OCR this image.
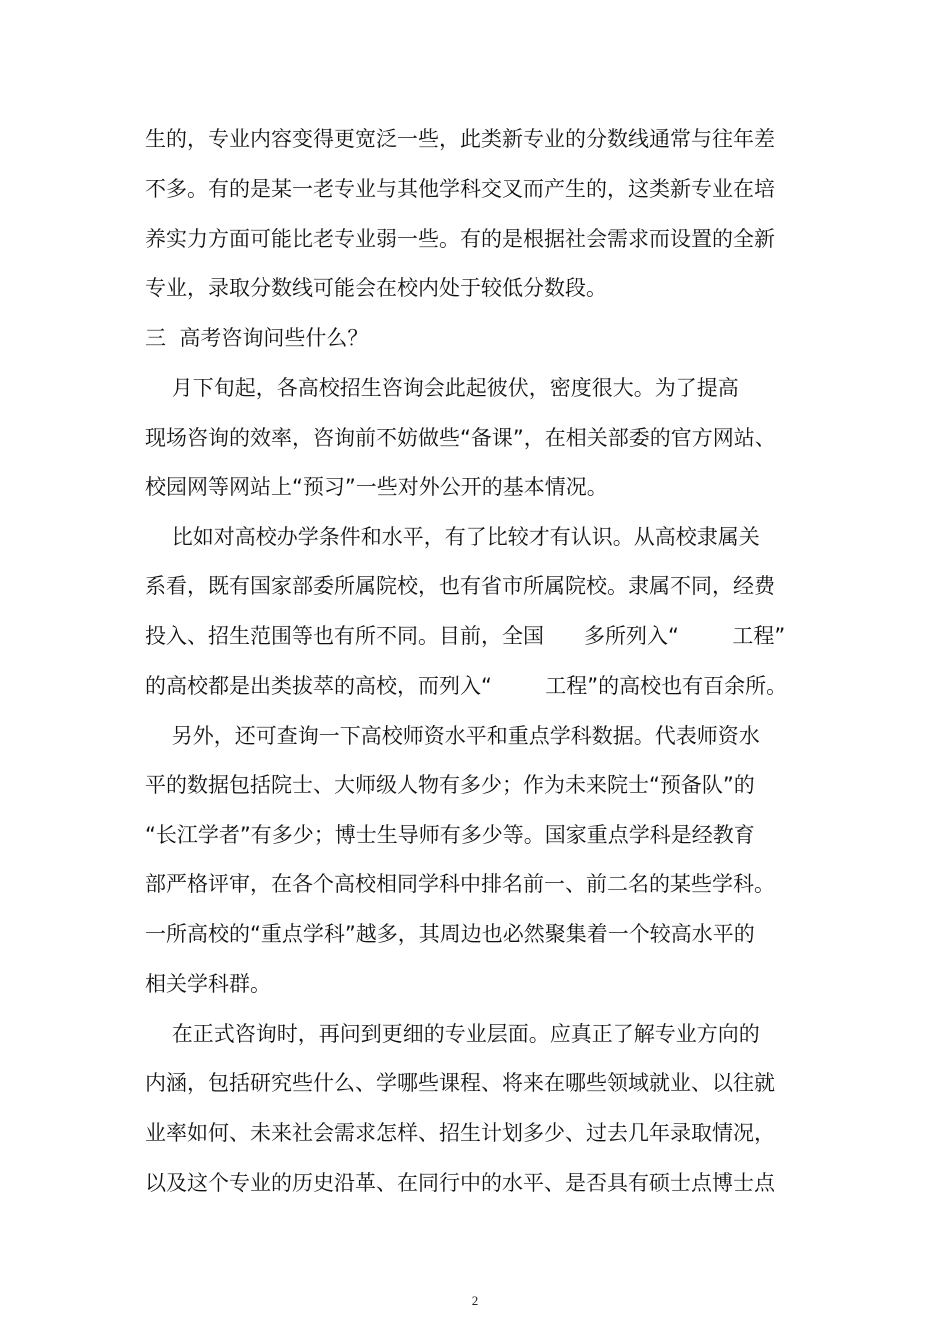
生的，专业内容变得更宽泛一些，此类新专业的分数线通常与往年差
不多。有的是某一老专业与其他学科交叉而产生的，这类新专业在培
养实力方面可能比老专业弱一些。有的是根据社会需求而设置的全新
专业，录取分数线可能会在校内处于较低分数段。
三  高考咨询问些什么？
月下旬起，各高校招生咨询会此起彼伏，密度很大。为了提高
现场咨询的效率，咨询前不妨做些“备课”，在相关部委的官方网站、
校园网等网站上“预习”一些对外公开的基本情况。
比如对高校办学条件和水平，有了比较才有认识。从高校隶属关
系看，既有国家部委所属院校，也有省市所属院校。隶属不同，经费
投入、招生范围等也有所不同。目前，全国      多所列入“        工程”
的高校都是出类拔萃的高校，而列入“        工程”的高校也有百余所。
另外，还可查询一下高校师资水平和重点学科数据。代表师资水
平的数据包括院士、大师级人物有多少；作为未来院士“预备队”的
“长江学者”有多少；博士生导师有多少等。国家重点学科是经教育
部严格评审，在各个高校相同学科中排名前一、前二名的某些学科。
一所高校的“重点学科”越多，其周边也必然聚集着一个较高水平的
相关学科群。
在正式咨询时，再问到更细的专业层面。应真正了解专业方向的
内涵，包括研究些什么、学哪些课程、将来在哪些领域就业、以往就
业率如何、未来社会需求怎样、招生计划多少、过去几年录取情况，
以及这个专业的历史沿革、在同行中的水平、是否具有硕士点博士点
2
